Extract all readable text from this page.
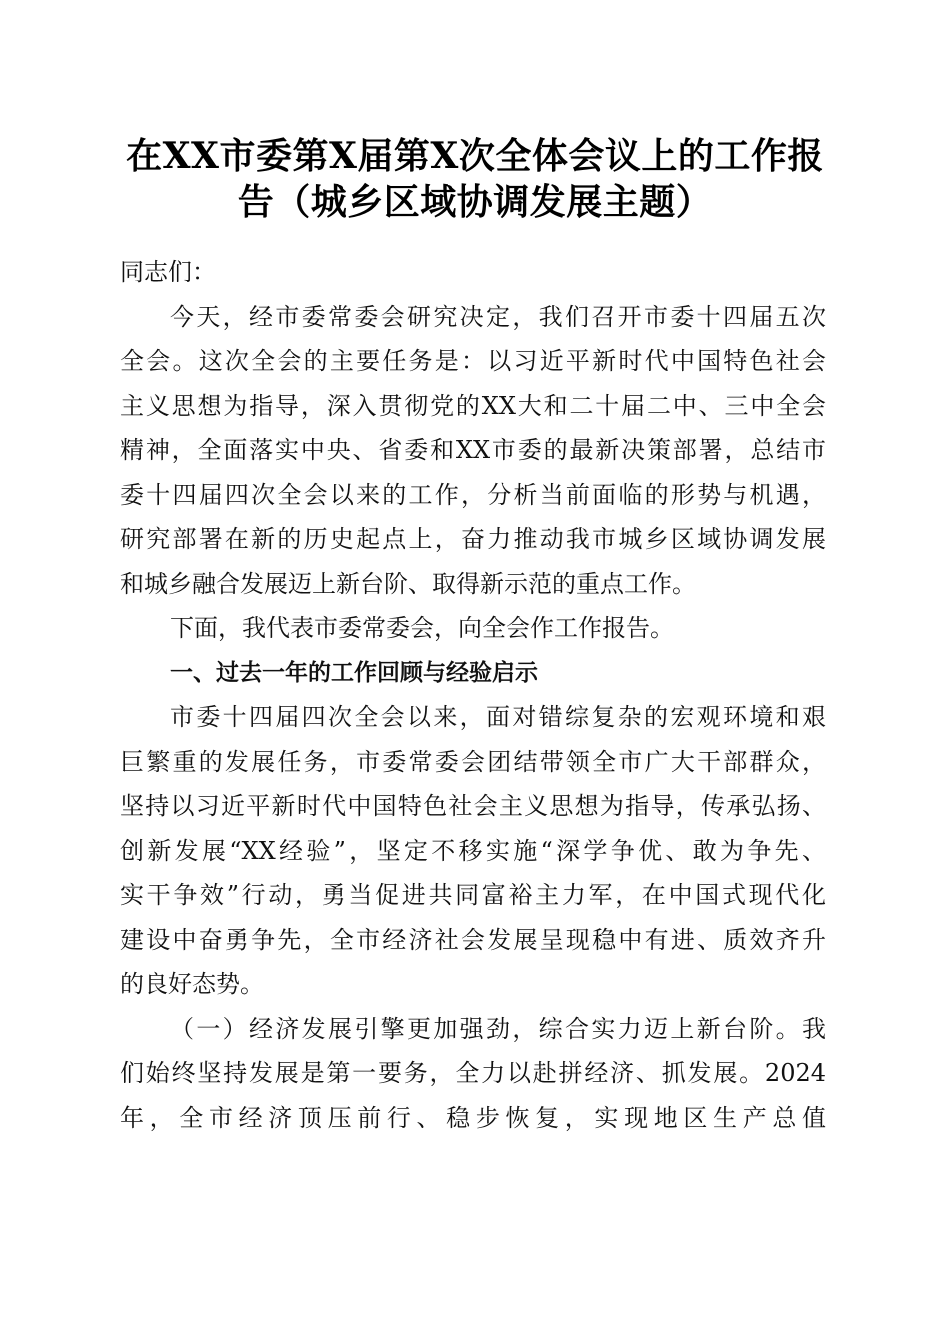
在XX市委第X届第X次全体会议上的工作报
告（城乡区域协调发展主题）
同志们：
今天，经市委常委会研究决定，我们召开市委十四届五次
全会。这次全会的主要任务是：以习近平新时代中国特色社会
主义思想为指导，深入贯彻党的XX大和二十届二中、三中全会
精神，全面落实中央、省委和XX市委的最新决策部署，总结市
委十四届四次全会以来的工作，分析当前面临的形势与机遇，
研究部署在新的历史起点上，奋力推动我市城乡区域协调发展
和城乡融合发展迈上新台阶、取得新示范的重点工作。
下面，我代表市委常委会，向全会作工作报告。
一、过去一年的工作回顾与经验启示
市委十四届四次全会以来，面对错综复杂的宏观环境和艰
巨繁重的发展任务，市委常委会团结带领全市广大干部群众，
坚持以习近平新时代中国特色社会主义思想为指导，传承弘扬、
创新发展“XX经验”，坚定不移实施“深学争优、敢为争先、
实干争效”行动，勇当促进共同富裕主力军，在中国式现代化
建设中奋勇争先，全市经济社会发展呈现稳中有进、质效齐升
的良好态势。
（一）经济发展引擎更加强劲，综合实力迈上新台阶。我
们始终坚持发展是第一要务，全力以赴拼经济、抓发展。2024
年，全市经济顶压前行、稳步恢复，实现地区生产总值
